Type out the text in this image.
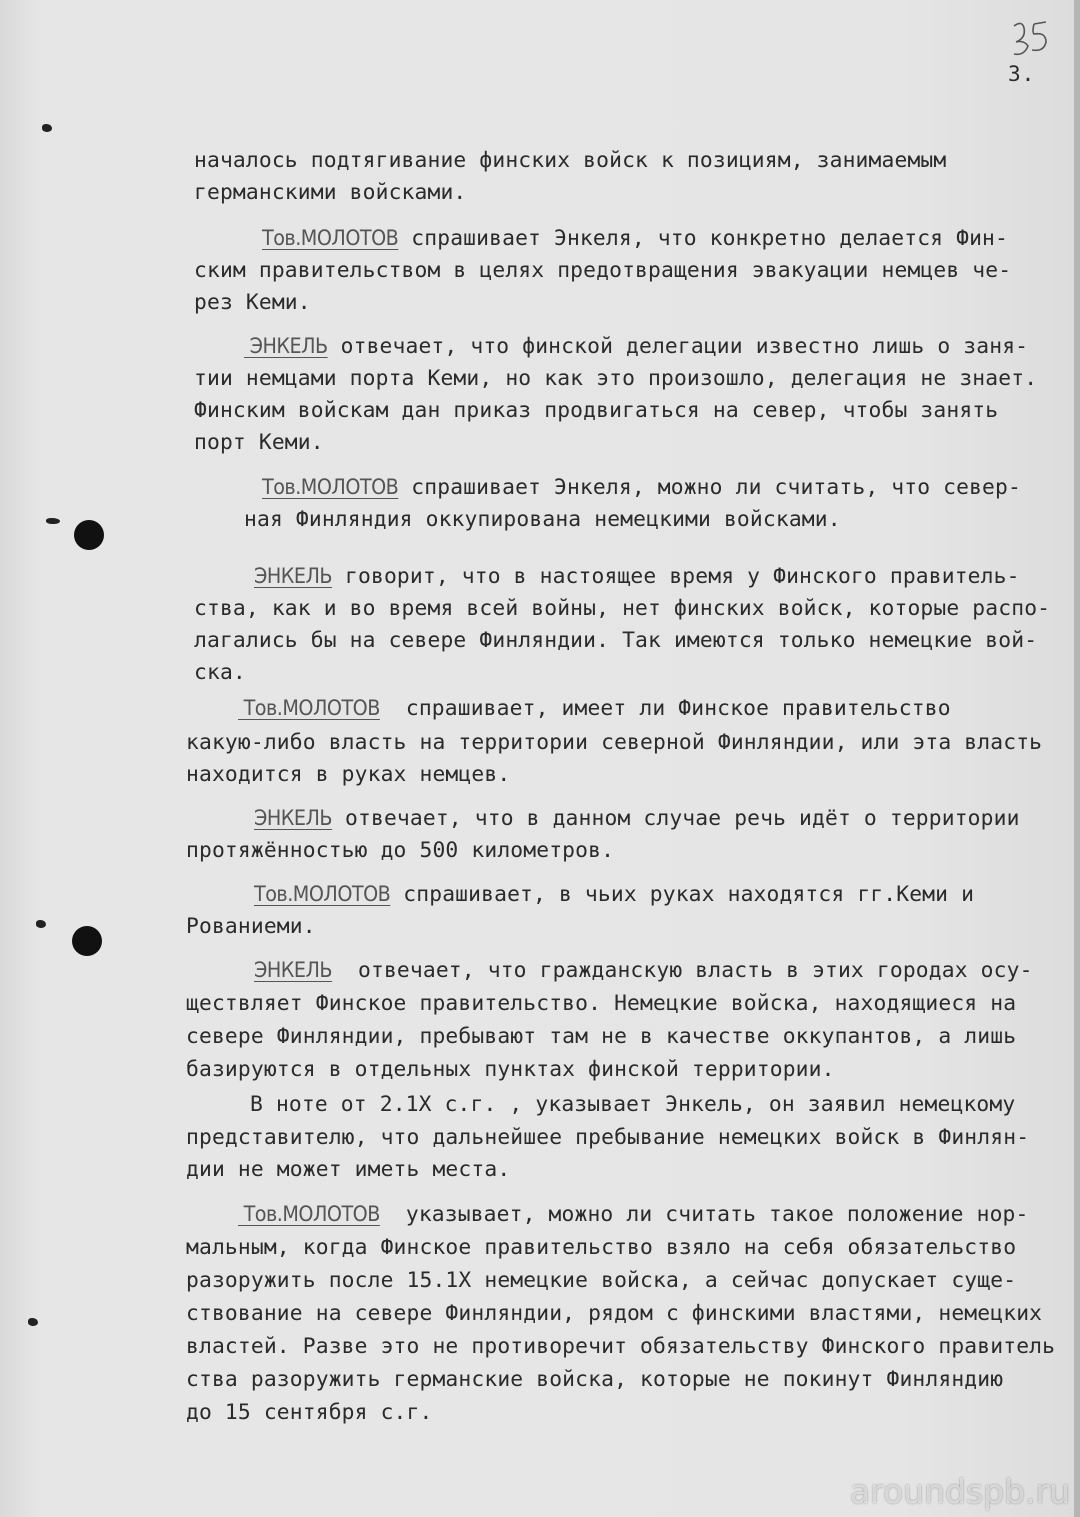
3.
началось подтягивание финских войск к позициям, занимаемым
германскими войсками.
Тов.МОЛОТОВ спрашивает Энкеля, что конкретно делается Фин-
ским правительством в целях предотвращения эвакуации немцев че-
рез Кеми.
ЭНКЕЛЬ отвечает, что финской делегации известно лишь о заня-
тии немцами порта Кеми, но как это произошло, делегация не знает.
Финским войскам дан приказ продвигаться на север, чтобы занять
порт Кеми.
Тов.МОЛОТОВ спрашивает Энкеля, можно ли считать, что север-
ная Финляндия оккупирована немецкими войсками.
ЭНКЕЛЬ говорит, что в настоящее время у Финского правитель-
ства, как и во время всей войны, нет финских войск, которые распо-
лагались бы на севере Финляндии. Так имеются только немецкие вой-
ска.
Тов.МОЛОТОВ  спрашивает, имеет ли Финское правительство
какую-либо власть на территории северной Финляндии, или эта власть
находится в руках немцев.
ЭНКЕЛЬ отвечает, что в данном случае речь идёт о территории
протяжённостью до 500 километров.
Тов.МОЛОТОВ спрашивает, в чьих руках находятся гг.Кеми и
Рованиеми.
ЭНКЕЛЬ  отвечает, что гражданскую власть в этих городах осу-
ществляет Финское правительство. Немецкие войска, находящиеся на
севере Финляндии, пребывают там не в качестве оккупантов, а лишь
базируются в отдельных пунктах финской территории.
В ноте от 2.1Х с.г. , указывает Энкель, он заявил немецкому
представителю, что дальнейшее пребывание немецких войск в Финлян-
дии не может иметь места.
Тов.МОЛОТОВ  указывает, можно ли считать такое положение нор-
мальным, когда Финское правительство взяло на себя обязательство
разоружить после 15.1Х немецкие войска, а сейчас допускает суще-
ствование на севере Финляндии, рядом с финскими властями, немецких
властей. Разве это не противоречит обязательству Финского правитель
ства разоружить германские войска, которые не покинут Финляндию
до 15 сентября с.г.
aroundspb.ru
